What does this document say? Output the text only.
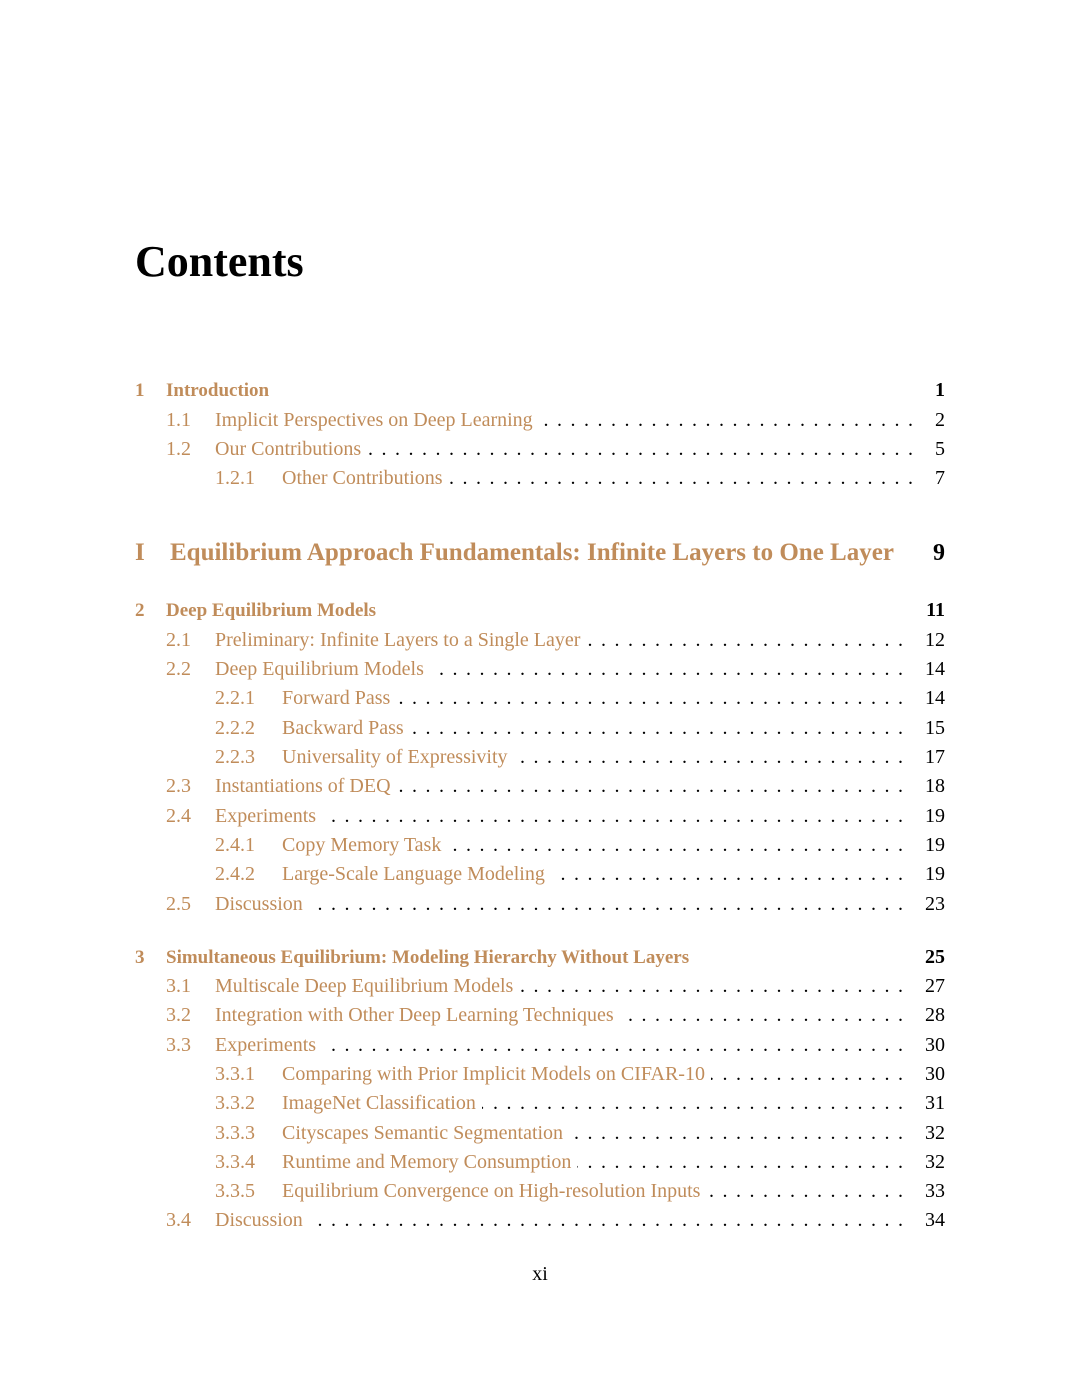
Contents
1 Introduction	1
1.1 Implicit Perspectives on Deep Learning . . .	2
1.2 Our Contributions . . .	5
1.2.1 Other Contributions . . .	7
I Equilibrium Approach Fundamentals: Infinite Layers to One Layer 9
2 Deep Equilibrium Models	11
2.1 Preliminary: Infinite Layers to a Single Layer . . .	12
2.2 Deep Equilibrium Models . . .	14
2.2.1 Forward Pass . . .	14
2.2.2 Backward Pass . . .	15
2.2.3 Universality of Expressivity . . .	17
2.3 Instantiations of DEQ . . .	18
2.4 Experiments . . .	19
2.4.1 Copy Memory Task . . .	19
2.4.2 Large-Scale Language Modeling . . .	19
2.5 Discussion . . .	23
3 Simultaneous Equilibrium: Modeling Hierarchy Without Layers	25
3.1 Multiscale Deep Equilibrium Models . . .	27
3.2 Integration with Other Deep Learning Techniques . . .	28
3.3 Experiments . . .	30
3.3.1 Comparing with Prior Implicit Models on CIFAR-10 . . .	30
3.3.2 ImageNet Classification . . .	31
3.3.3 Cityscapes Semantic Segmentation . . .	32
3.3.4 Runtime and Memory Consumption . . .	32
3.3.5 Equilibrium Convergence on High-resolution Inputs . . .	33
3.4 Discussion . . .	34
xi
